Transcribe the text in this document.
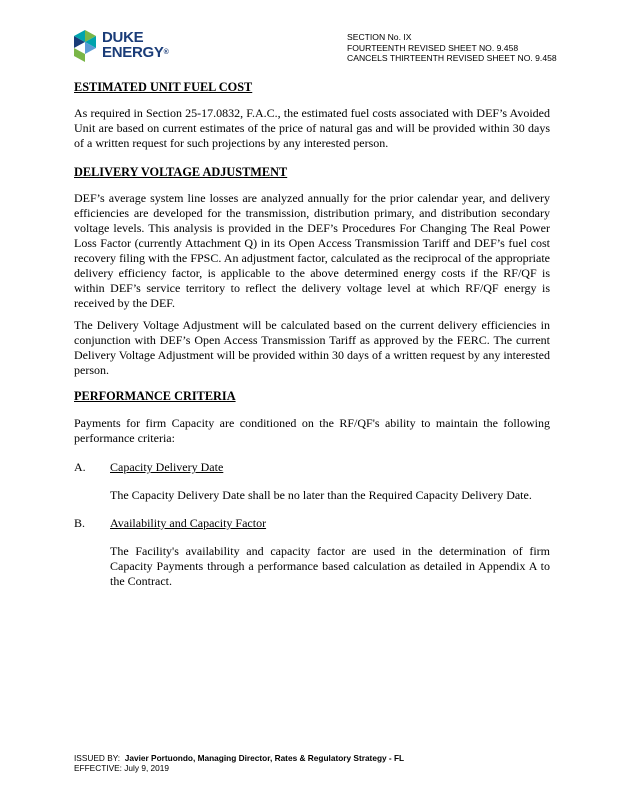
DUKE
ENERGY®
SECTION No. IX
FOURTEENTH REVISED SHEET NO. 9.458
CANCELS THIRTEENTH REVISED SHEET NO. 9.458
ESTIMATED UNIT FUEL COST

As required in Section 25-17.0832, F.A.C., the estimated fuel costs associated with DEF’s Avoided Unit are based on current estimates of the price of natural gas and will be provided within 30 days of a written request for such projections by any interested person.

DELIVERY VOLTAGE ADJUSTMENT

DEF’s average system line losses are analyzed annually for the prior calendar year, and delivery efficiencies are developed for the transmission, distribution primary, and distribution secondary voltage levels. This analysis is provided in the DEF’s Procedures For Changing The Real Power Loss Factor (currently Attachment Q) in its Open Access Transmission Tariff and DEF’s fuel cost recovery filing with the FPSC. An adjustment factor, calculated as the reciprocal of the appropriate delivery efficiency factor, is applicable to the above determined energy costs if the RF/QF is within DEF’s service territory to reflect the delivery voltage level at which RF/QF energy is received by the DEF.

The Delivery Voltage Adjustment will be calculated based on the current delivery efficiencies in conjunction with DEF’s Open Access Transmission Tariff as approved by the FERC. The current Delivery Voltage Adjustment will be provided within 30 days of a written request by any interested person.

PERFORMANCE CRITERIA

Payments for firm Capacity are conditioned on the RF/QF's ability to maintain the following performance criteria:

A. Capacity Delivery Date

The Capacity Delivery Date shall be no later than the Required Capacity Delivery Date.

B. Availability and Capacity Factor

The Facility's availability and capacity factor are used in the determination of firm Capacity Payments through a performance based calculation as detailed in Appendix A to the Contract.

ISSUED BY: Javier Portuondo, Managing Director, Rates & Regulatory Strategy - FL
EFFECTIVE: July 9, 2019
